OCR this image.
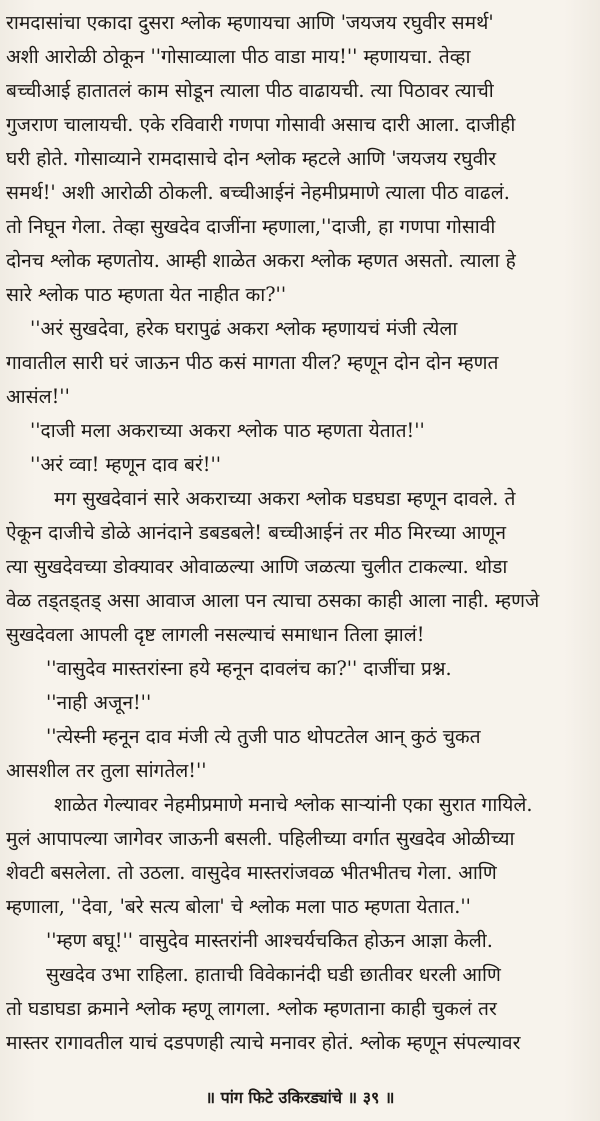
रामदासांचा एकादा दुसरा श्लोक म्हणायचा आणि 'जयजय रघुवीर समर्थ'
अशी आरोळी ठोकून ''गोसाव्याला पीठ वाडा माय!'' म्हणायचा. तेव्हा
बच्चीआई हातातलं काम सोडून त्याला पीठ वाढायची. त्या पिठावर त्याची
गुजराण चालायची. एके रविवारी गणपा गोसावी असाच दारी आला. दाजीही
घरी होते. गोसाव्याने रामदासाचे दोन श्लोक म्हटले आणि 'जयजय रघुवीर
समर्थ!' अशी आरोळी ठोकली. बच्चीआईनं नेहमीप्रमाणे त्याला पीठ वाढलं.
तो निघून गेला. तेव्हा सुखदेव दाजींना म्हणाला,''दाजी, हा गणपा गोसावी
दोनच श्लोक म्हणतोय. आम्ही शाळेत अकरा श्लोक म्हणत असतो. त्याला हे
सारे श्लोक पाठ म्हणता येत नाहीत का?''
''अरं सुखदेवा, हरेक घरापुढं अकरा श्लोक म्हणायचं मंजी त्येला
गावातील सारी घरं जाऊन पीठ कसं मागता यील? म्हणून दोन दोन म्हणत
आसंल!''
''दाजी मला अकराच्या अकरा श्लोक पाठ म्हणता येतात!''
''अरं व्वा! म्हणून दाव बरं!''
मग सुखदेवानं सारे अकराच्या अकरा श्लोक घडघडा म्हणून दावले. ते
ऐकून दाजीचे डोळे आनंदाने डबडबले! बच्चीआईनं तर मीठ मिरच्या आणून
त्या सुखदेवच्या डोक्यावर ओवाळल्या आणि जळत्या चुलीत टाकल्या. थोडा
वेळ तड्तड्तड् असा आवाज आला पन त्याचा ठसका काही आला नाही. म्हणजे
सुखदेवला आपली दृष्ट लागली नसल्याचं समाधान तिला झालं!
''वासुदेव मास्तरांस्ना हये म्हनून दावलंच का?'' दाजींचा प्रश्न.
''नाही अजून!''
''त्येस्नी म्हनून दाव मंजी त्ये तुजी पाठ थोपटतेल आन् कुठं चुकत
आसशील तर तुला सांगतेल!''
शाळेत गेल्यावर नेहमीप्रमाणे मनाचे श्लोक साऱ्यांनी एका सुरात गायिले.
मुलं आपापल्या जागेवर जाऊनी बसली. पहिलीच्या वर्गात सुखदेव ओळीच्या
शेवटी बसलेला. तो उठला. वासुदेव मास्तरांजवळ भीतभीतच गेला. आणि
म्हणाला, ''देवा, 'बरे सत्य बोला' चे श्लोक मला पाठ म्हणता येतात.''
''म्हण बघू!'' वासुदेव मास्तरांनी आश्चर्यचकित होऊन आज्ञा केली.
सुखदेव उभा राहिला. हाताची विवेकानंदी घडी छातीवर धरली आणि
तो घडाघडा क्रमाने श्लोक म्हणू लागला. श्लोक म्हणताना काही चुकलं तर
मास्तर रागावतील याचं दडपणही त्याचे मनावर होतं. श्लोक म्हणून संपल्यावर
॥ पांग फिटे उकिरड्यांचे ॥ ३९ ॥
